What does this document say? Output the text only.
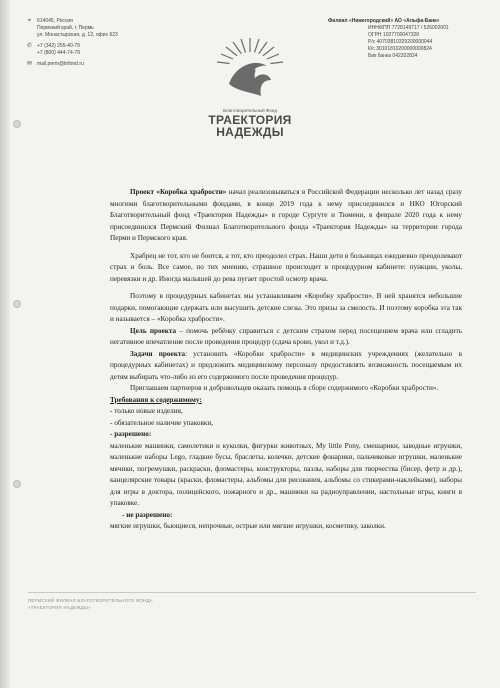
⌖	614045, Россия
Пермский край, г. Пермь
ул. Монастырская, д. 12, офис 623
✆ +7 (342) 255-40-79
+7 (800) 444-74-79
✉ mail.perm@tnfond.ru
Филиал «Нижегородский» АО «Альфа-Банк»
ИНН/КПП 7728149717 / 526002001
ОГРН 1027700047328
Р/с 40703810329200000044
К/с 30101810200000000824
Бик банка 042202824
Благотворительный Фонд
ТРАЕКТОРИЯ
НАДЕЖДЫ

Проект «Коробка храбрости» начал реализовываться в Российской Федерации несколько лет назад сразу многими благотворительными фондами, в конце 2019 года к нему присоединился и НКО Югорский Благотворительный фонд «Траектория Надежды» в городе Сургуте и Тюмени, в феврале 2020 года к нему присоединился Пермский Филиал Благотворительного фонда «Траектория Надежды» на территории города Перми и Пермского края.

Храбрец не тот, кто не боится, а тот, кто преодолел страх. Наши дети в больницах ежедневно преодолевают страх и боль. Все самое, по тих мнению, страшное происходит в процедурном кабинете: пункции, уколы, перевязки и др. Иногда малышей до рева пугает простой осмотр врача.

Поэтому в процедурных кабинетах мы устанавливаем «Коробку храбрости». В ней хранятся небольшие подарки, помогающие сдержать или высушить детские слезы. Это призы за смелость. И поэтому коробка эта так и называется – «Коробка храбрости».

Цель проекта – помочь ребёнку справиться с детским страхом перед посещением врача или сгладить негативное впечатление после проведения процедур (сдача крови, укол и т.д.).

Задачи проекта: установить «Коробки храбрости» в медицинских учреждениях (желательно в процедурных кабинетах) и предложить медицинскому персоналу предоставлять возможность посещаемым их детям выбирать что-либо из его содержимого после проведения процедур.

Приглашаем партнеров и добровольцев оказать помощь в сборе содержимого «Коробки храбрости».

Требования к содержимому:

- только новые изделия,

- обязательное наличие упаковки,

- разрешено:

маленькие машинки, самолетики и куколки, фигурки животных, My little Pony, смешарики, заводные игрушки, маленькие наборы Lego, гладкие бусы, браслеты, колечки, детские фонарики, пальчиковые игрушки, маленькие мячики, погремушки, раскраски, фломастеры, конструкторы, пазлы, наборы для творчества (бисер, фетр и др.), канцелярские товары (краски, фломастеры, альбомы для рисования, альбомы со стикерами-наклейками), наборы для игры в доктора, полицейского, пожарного и др., машинки на радиоуправлении, настольные игры, книги в упаковке.

- не разрешено:

мягкие игрушки, бьющиеся, непрочные, острые или мягкие игрушки, косметику, заколки.

ПЕРМСКИЙ ФИЛИАЛ БЛАГОТВОРИТЕЛЬНОГО ФОНДА
«ТРАЕКТОРИЯ НАДЕЖДЫ»
